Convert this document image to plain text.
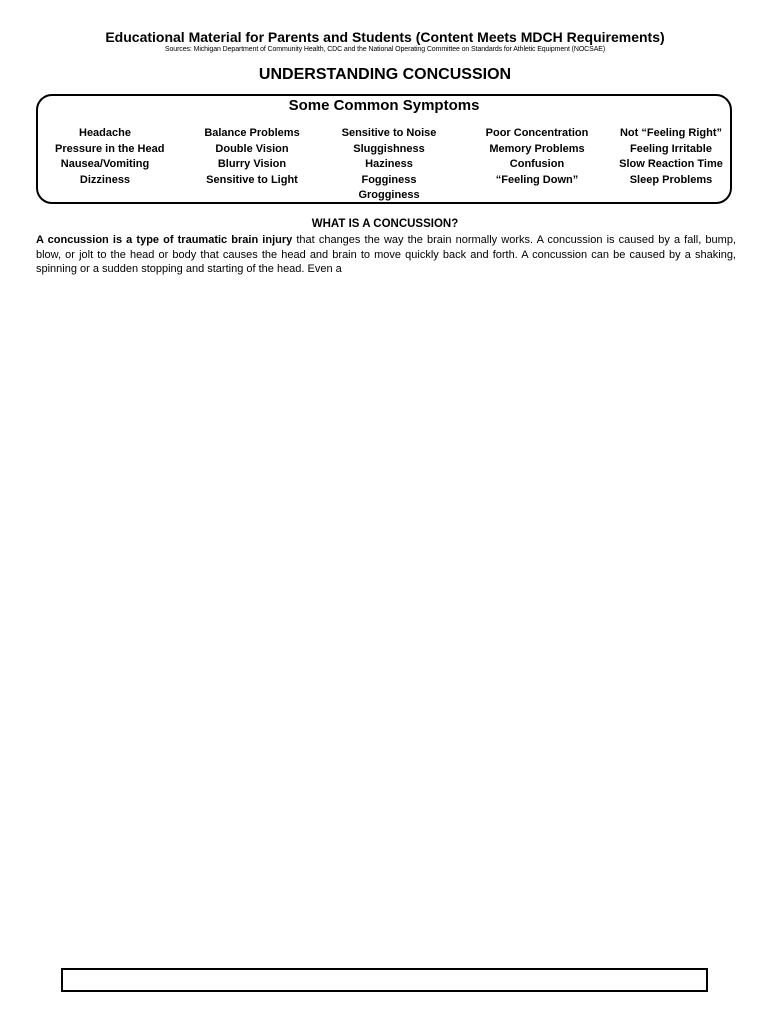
Educational Material for Parents and Students (Content Meets MDCH Requirements)
Sources: Michigan Department of Community Health, CDC and the National Operating Committee on Standards for Athletic Equipment (NOCSAE)
UNDERSTANDING CONCUSSION
Some Common Symptoms
Headache
Pressure in the Head
Nausea/Vomiting
Dizziness
Balance Problems
Double Vision
Blurry Vision
Sensitive to Light
Sensitive to Noise
Sluggishness
Haziness
Fogginess
Grogginess
Poor Concentration
Memory Problems
Confusion
“Feeling Down”
Not “Feeling Right”
Feeling Irritable
Slow Reaction Time
Sleep Problems
WHAT IS A CONCUSSION?
A concussion is a type of traumatic brain injury that changes the way the brain normally works. A concussion is caused by a fall, bump, blow, or jolt to the head or body that causes the head and brain to move quickly back and forth. A concussion can be caused by a shaking, spinning or a sudden stopping and starting of the head. Even a
